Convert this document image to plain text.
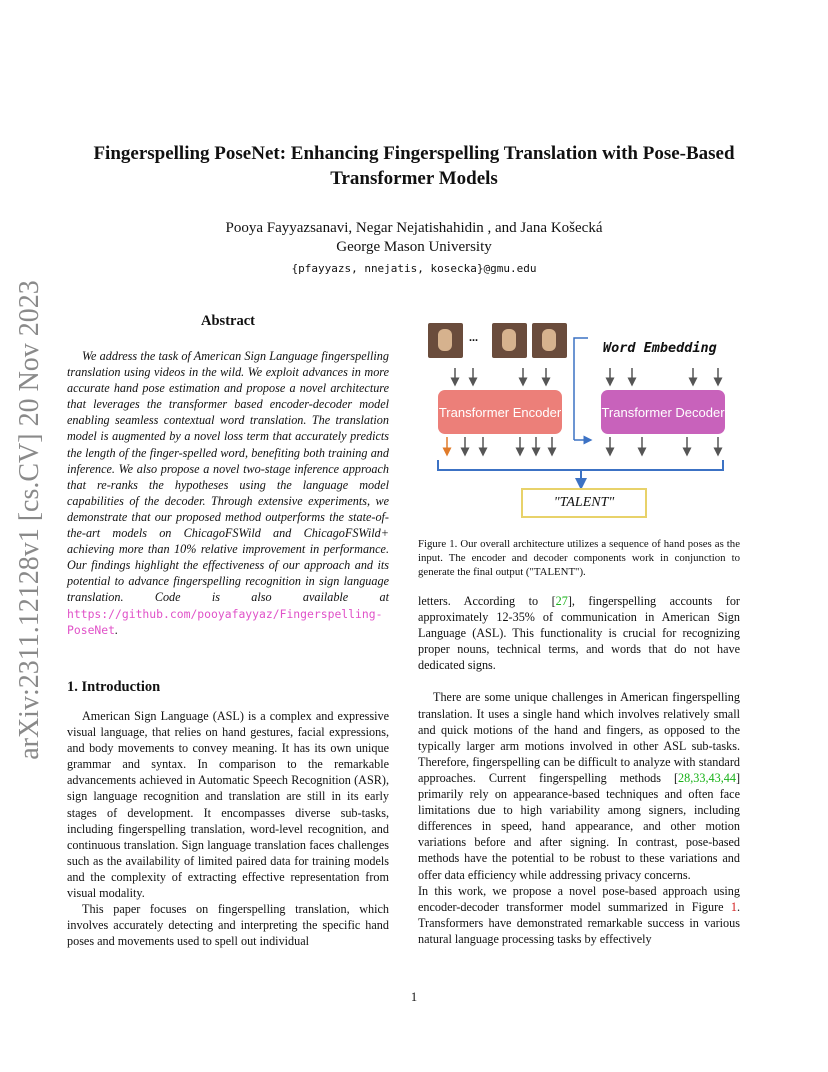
arXiv:2311.12128v1 [cs.CV] 20 Nov 2023
Fingerspelling PoseNet: Enhancing Fingerspelling Translation with Pose-Based
Transformer Models
Pooya Fayyazsanavi, Negar Nejatishahidin , and Jana Košecká
George Mason University
{pfayyazs, nnejatis, kosecka}@gmu.edu
Abstract

We address the task of American Sign Language fingerspelling translation using videos in the wild. We exploit advances in more accurate hand pose estimation and propose a novel architecture that leverages the transformer based encoder-decoder model enabling seamless contextual word translation. The translation model is augmented by a novel loss term that accurately predicts the length of the finger-spelled word, benefiting both training and inference. We also propose a novel two-stage inference approach that re-ranks the hypotheses using the language model capabilities of the decoder. Through extensive experiments, we demonstrate that our proposed method outperforms the state-of-the-art models on ChicagoFSWild and ChicagoFSWild+ achieving more than 10% relative improvement in performance. Our findings highlight the effectiveness of our approach and its potential to advance fingerspelling recognition in sign language translation. Code is also available at https://github.com/pooyafayyaz/Fingerspelling-PoseNet.

1. Introduction

American Sign Language (ASL) is a complex and expressive visual language, that relies on hand gestures, facial expressions, and body movements to convey meaning. It has its own unique grammar and syntax. In comparison to the remarkable advancements achieved in Automatic Speech Recognition (ASR), sign language recognition and translation are still in its early stages of development. It encompasses diverse sub-tasks, including fingerspelling translation, word-level recognition, and continuous translation. Sign language translation faces challenges such as the availability of limited paired data for training models and the complexity of extracting effective representation from visual modality.

This paper focuses on fingerspelling translation, which involves accurately detecting and interpreting the specific hand poses and movements used to spell out individual

...
Word Embedding
Transformer Encoder	Transformer Decoder
"TALENT"
Figure 1. Our overall architecture utilizes a sequence of hand poses as the input. The encoder and decoder components work in conjunction to generate the final output ("TALENT").
letters. According to [27], fingerspelling accounts for approximately 12-35% of communication in American Sign Language (ASL). This functionality is crucial for recognizing proper nouns, technical terms, and words that do not have dedicated signs.

There are some unique challenges in American fingerspelling translation. It uses a single hand which involves relatively small and quick motions of the hand and fingers, as opposed to the typically larger arm motions involved in other ASL sub-tasks. Therefore, fingerspelling can be difficult to analyze with standard approaches. Current fingerspelling methods [28,33,43,44] primarily rely on appearance-based techniques and often face limitations due to high variability among signers, including differences in speed, hand appearance, and other motion variations before and after signing. In contrast, pose-based methods have the potential to be robust to these variations and offer data efficiency while addressing privacy concerns.

In this work, we propose a novel pose-based approach using encoder-decoder transformer model summarized in Figure 1. Transformers have demonstrated remarkable success in various natural language processing tasks by effectively
1
